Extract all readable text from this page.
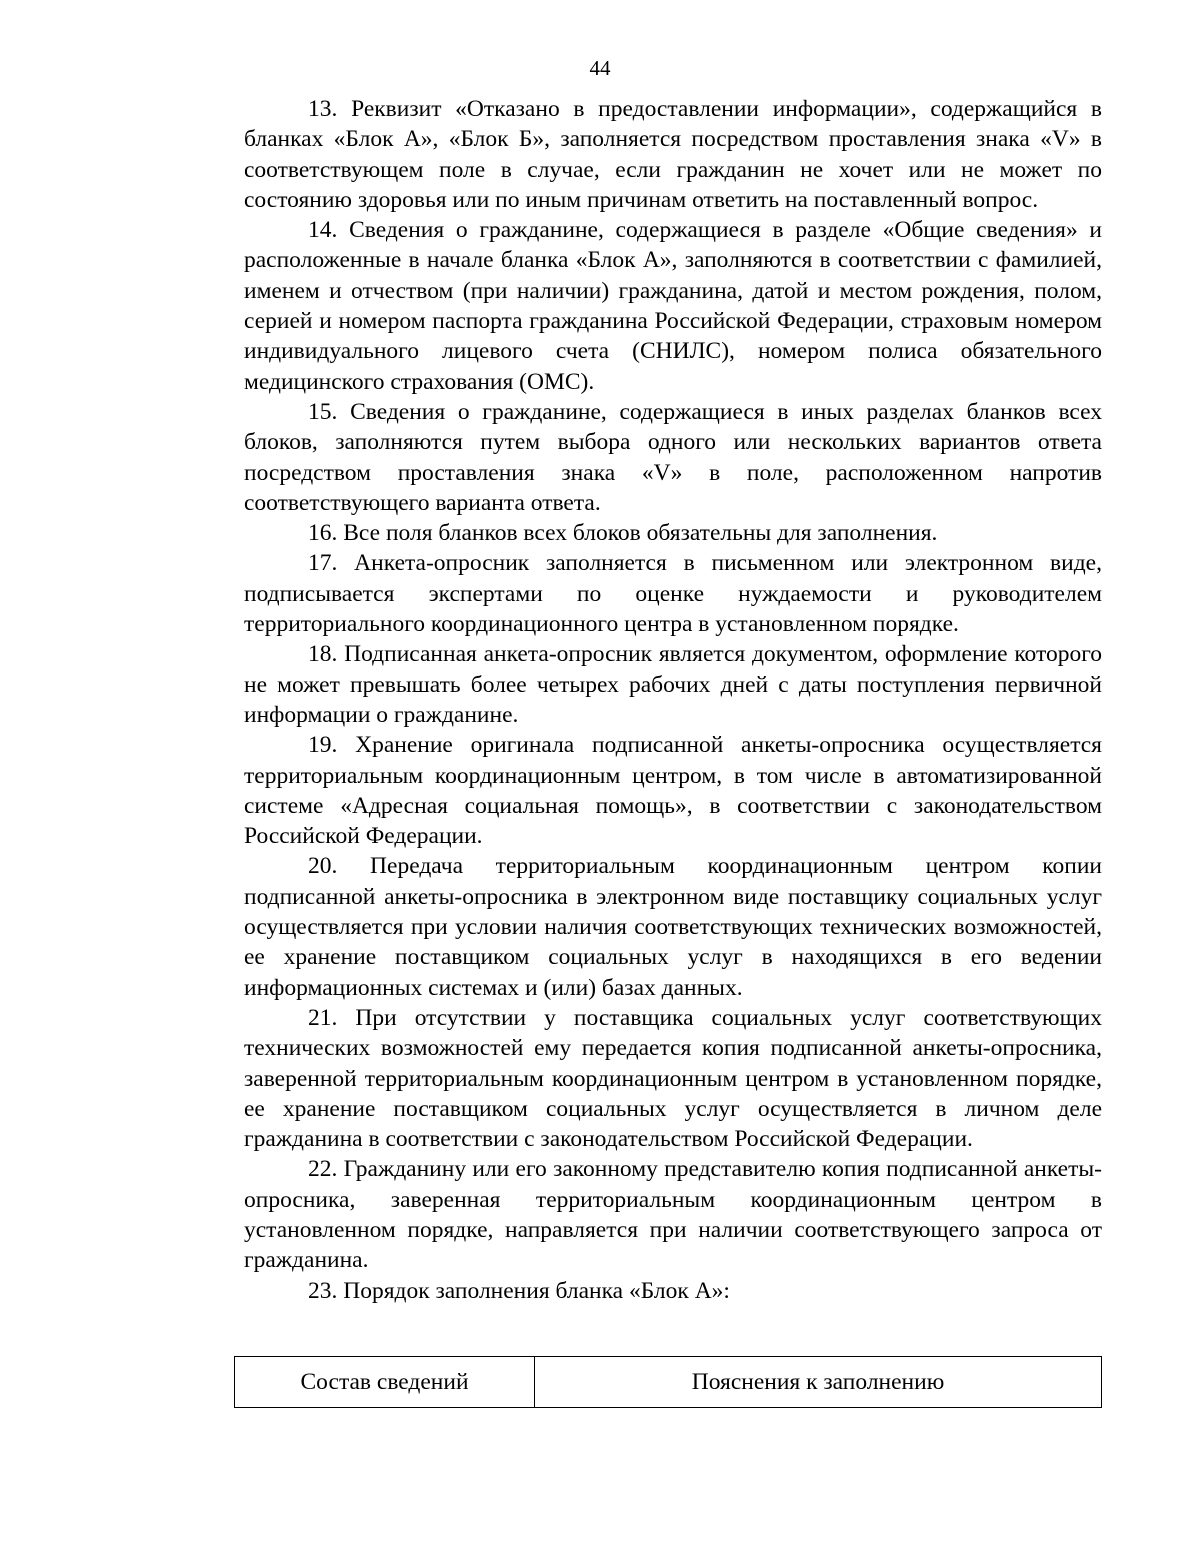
44

13. Реквизит «Отказано в предоставлении информации», содержащийся в бланках «Блок А», «Блок Б», заполняется посредством проставления знака «V» в соответствующем поле в случае, если гражданин не хочет или не может по состоянию здоровья или по иным причинам ответить на поставленный вопрос.

14. Сведения о гражданине, содержащиеся в разделе «Общие сведения» и расположенные в начале бланка «Блок А», заполняются в соответствии с фамилией, именем и отчеством (при наличии) гражданина, датой и местом рождения, полом, серией и номером паспорта гражданина Российской Федерации, страховым номером индивидуального лицевого счета (СНИЛС), номером полиса обязательного медицинского страхования (ОМС).

15. Сведения о гражданине, содержащиеся в иных разделах бланков всех блоков, заполняются путем выбора одного или нескольких вариантов ответа посредством проставления знака «V» в поле, расположенном напротив соответствующего варианта ответа.

16. Все поля бланков всех блоков обязательны для заполнения.

17. Анкета-опросник заполняется в письменном или электронном виде, подписывается экспертами по оценке нуждаемости и руководителем территориального координационного центра в установленном порядке.

18. Подписанная анкета-опросник является документом, оформление которого не может превышать более четырех рабочих дней с даты поступления первичной информации о гражданине.

19. Хранение оригинала подписанной анкеты-опросника осуществляется территориальным координационным центром, в том числе в автоматизированной системе «Адресная социальная помощь», в соответствии с законодательством Российской Федерации.

20. Передача территориальным координационным центром копии подписанной анкеты-опросника в электронном виде поставщику социальных услуг осуществляется при условии наличия соответствующих технических возможностей, ее хранение поставщиком социальных услуг в находящихся в его ведении информационных системах и (или) базах данных.

21. При отсутствии у поставщика социальных услуг соответствующих технических возможностей ему передается копия подписанной анкеты-опросника, заверенной территориальным координационным центром в установленном порядке, ее хранение поставщиком социальных услуг осуществляется в личном деле гражданина в соответствии с законодательством Российской Федерации.

22. Гражданину или его законному представителю копия подписанной анкеты-опросника, заверенная территориальным координационным центром в установленном порядке, направляется при наличии соответствующего запроса от гражданина.

23. Порядок заполнения бланка «Блок А»:

Состав сведений	Пояснения к заполнению
